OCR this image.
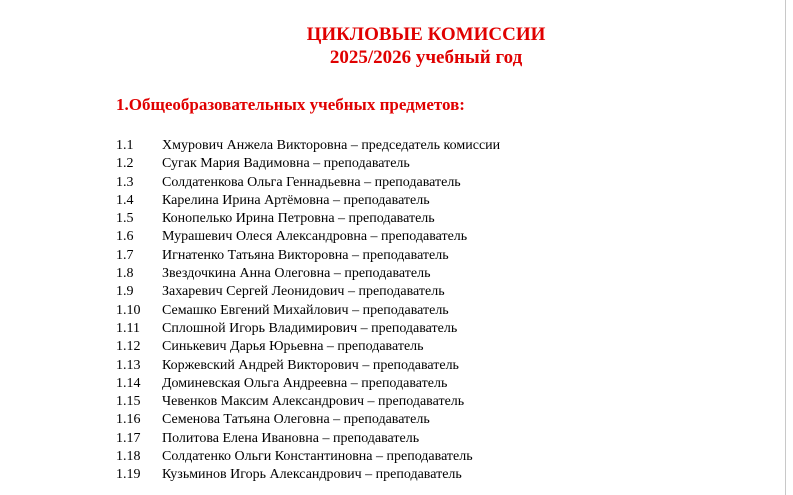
ЦИКЛОВЫЕ КОМИССИИ
2025/2026 учебный год
1.Общеобразовательных учебных предметов:
1.1 Хмурович Анжела Викторовна – председатель комиссии
1.2 Сугак Мария Вадимовна – преподаватель
1.3 Солдатенкова Ольга Геннадьевна – преподаватель
1.4 Карелина Ирина Артёмовна – преподаватель
1.5 Конопелько Ирина Петровна – преподаватель
1.6 Мурашевич Олеся Александровна – преподаватель
1.7 Игнатенко Татьяна Викторовна – преподаватель
1.8 Звездочкина Анна Олеговна – преподаватель
1.9 Захаревич Сергей Леонидович – преподаватель
1.10 Семашко Евгений Михайлович – преподаватель
1.11 Сплошной Игорь Владимирович – преподаватель
1.12 Синькевич Дарья Юрьевна – преподаватель
1.13 Коржевский Андрей Викторович – преподаватель
1.14 Доминевская Ольга Андреевна – преподаватель
1.15 Чевенков Максим Александрович – преподаватель
1.16 Семенова Татьяна Олеговна – преподаватель
1.17 Политова Елена Ивановна – преподаватель
1.18 Солдатенко Ольги Константиновна – преподаватель
1.19 Кузьминов Игорь Александрович – преподаватель
